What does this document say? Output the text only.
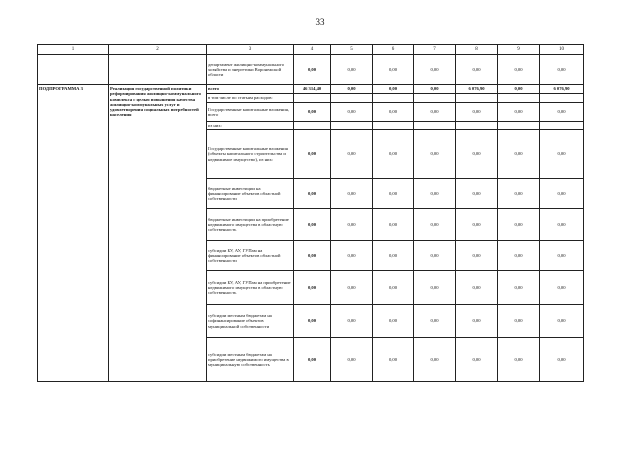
33
1	2	3	4	5	6	7	8	9	10
		департамент жилищно-коммунального хозяйства и энергетики Воронежской области	0,00	0,00	0,00	0,00	0,00	0,00	0,00
ПОДПРОГРАММА 3	Реализация государственной политики реформирования жилищно-коммунального комплекса с целью повышения качества жилищно-коммунальных услуг и удовлетворения социальных потребностей населения	всего	46 314,40	0,00	0,00	0,00	6 076,90	0,00	6 076,90
		в том числе по статьям расходов:							
		Государственные капитальные вложения, всего	0,00	0,00	0,00	0,00	0,00	0,00	0,00
		из них:							
		Государственные капитальные вложения (объекты капитального строительства и недвижимое имущество), из них:	0,00	0,00	0,00	0,00	0,00	0,00	0,00
		бюджетные инвестиции на финансирование объектов областной собственности	0,00	0,00	0,00	0,00	0,00	0,00	0,00
		бюджетные инвестиции на приобретение недвижимого имущества в областную собственность	0,00	0,00	0,00	0,00	0,00	0,00	0,00
		субсидии БУ, АУ, ГУПам на финансирование объектов областной собственности	0,00	0,00	0,00	0,00	0,00	0,00	0,00
		субсидии БУ, АУ, ГУПам на приобретение недвижимого имущества в областную собственность	0,00	0,00	0,00	0,00	0,00	0,00	0,00
		субсидии местным бюджетам на софинансирование объектов муниципальной собственности	0,00	0,00	0,00	0,00	0,00	0,00	0,00
		субсидии местным бюджетам на приобретение недвижимого имущества в муниципальную собственность	0,00	0,00	0,00	0,00	0,00	0,00	0,00
